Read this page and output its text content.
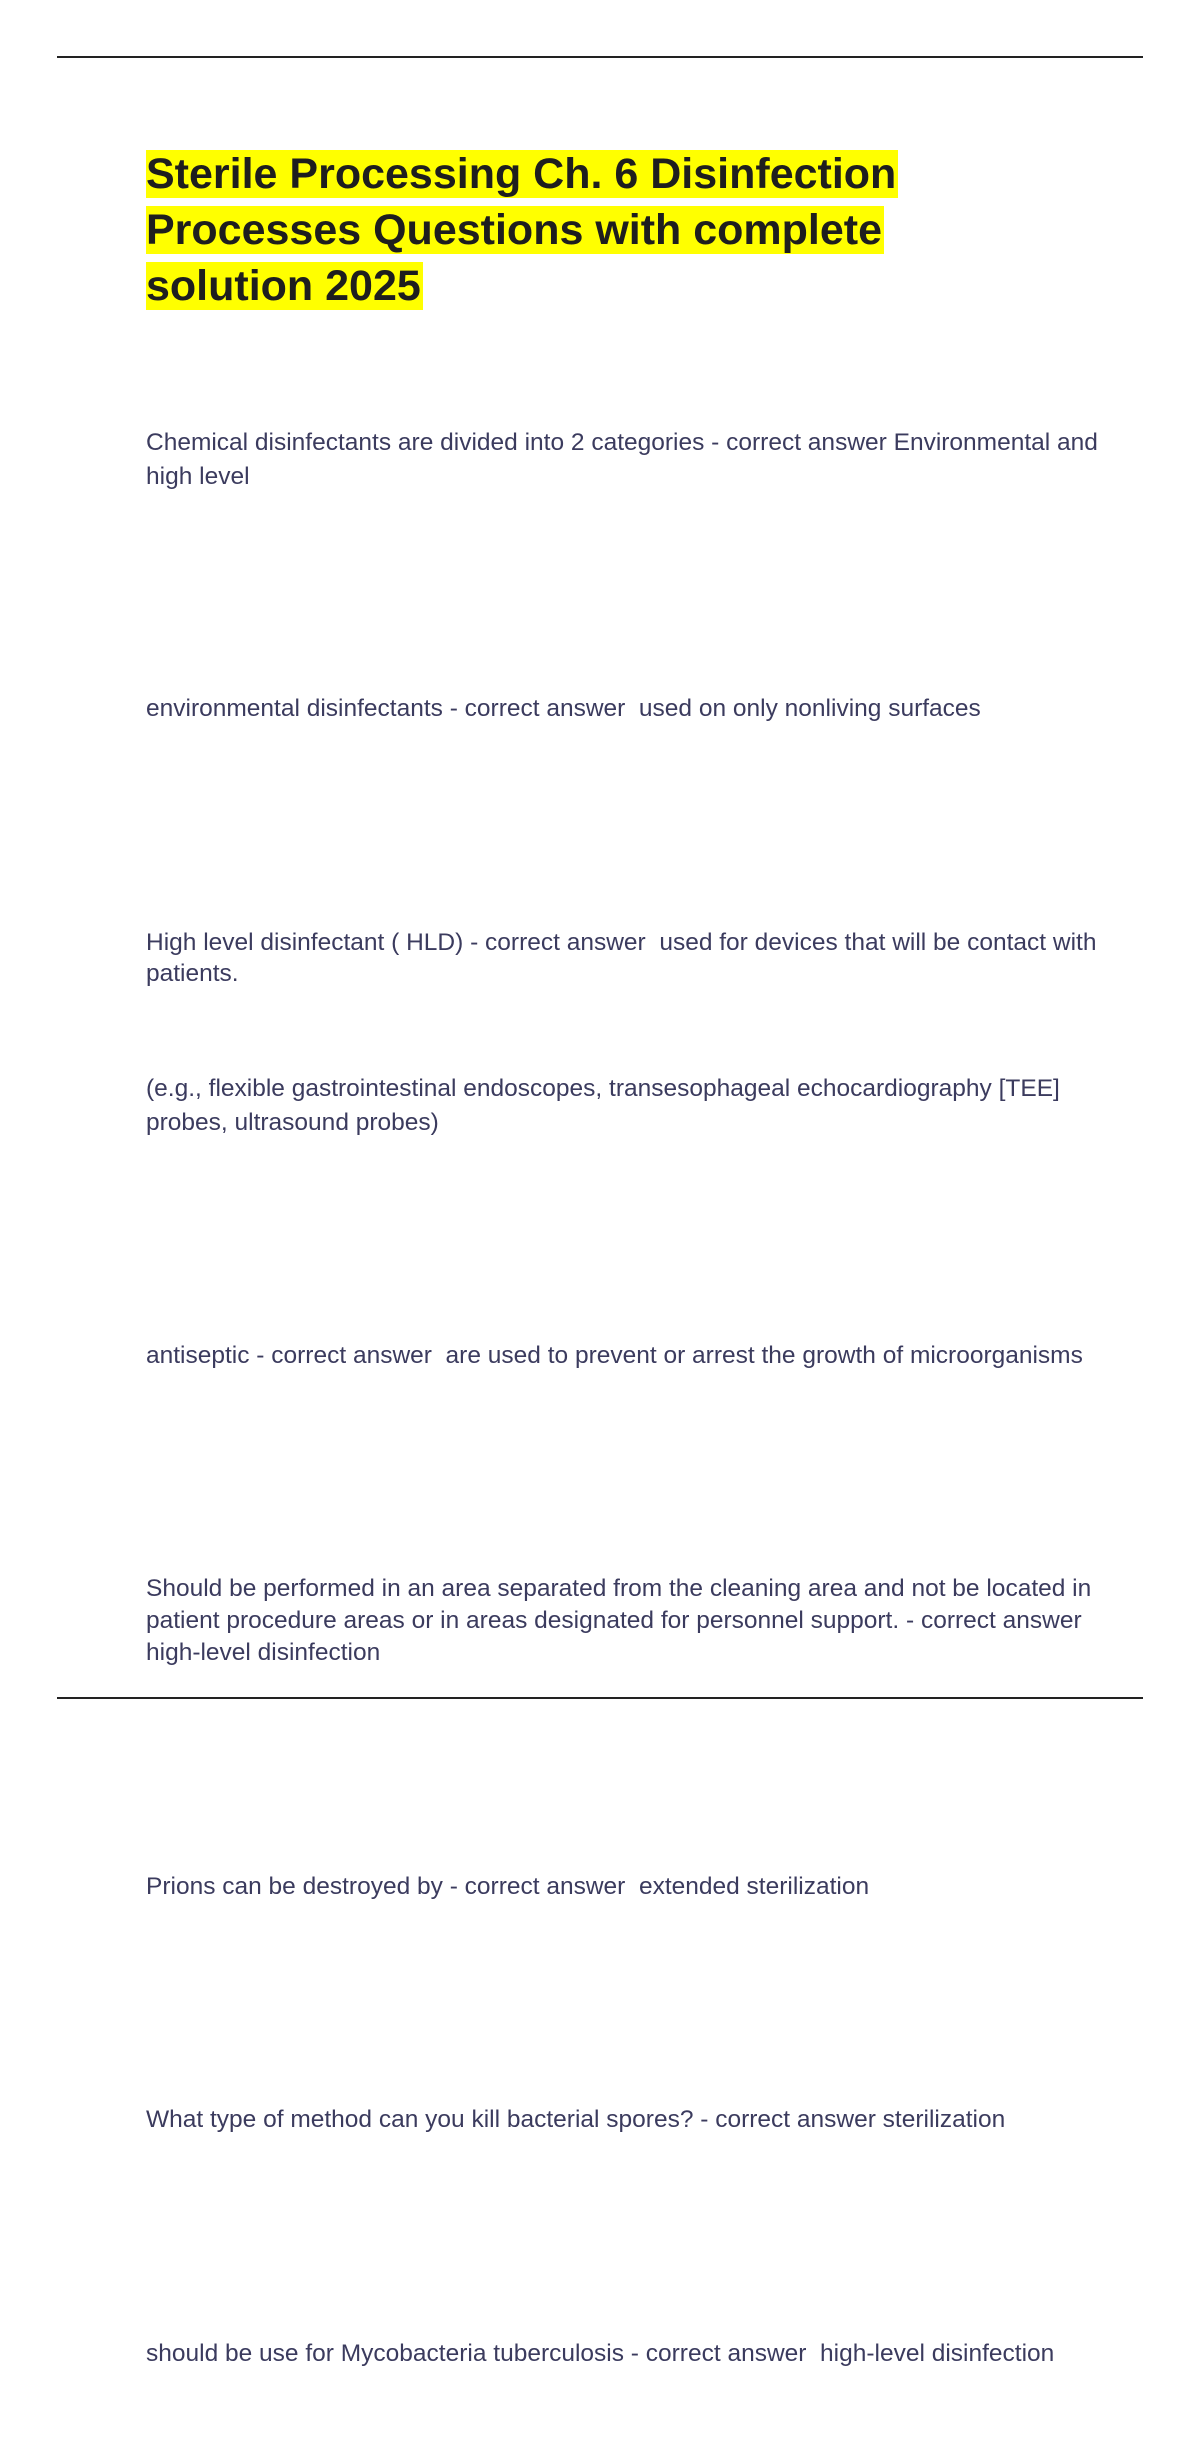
Sterile Processing Ch. 6 Disinfection Processes Questions with complete solution 2025

Chemical disinfectants are divided into 2 categories - correct answer Environmental and high level

environmental disinfectants - correct answer  used on only nonliving surfaces

High level disinfectant ( HLD) - correct answer  used for devices that will be contact with patients.

(e.g., flexible gastrointestinal endoscopes, transesophageal echocardiography [TEE] probes, ultrasound probes)

antiseptic - correct answer  are used to prevent or arrest the growth of microorganisms

Should be performed in an area separated from the cleaning area and not be located in patient procedure areas or in areas designated for personnel support. - correct answer  high-level disinfection

Prions can be destroyed by - correct answer  extended sterilization

What type of method can you kill bacterial spores? - correct answer sterilization

should be use for Mycobacteria tuberculosis - correct answer  high-level disinfection
